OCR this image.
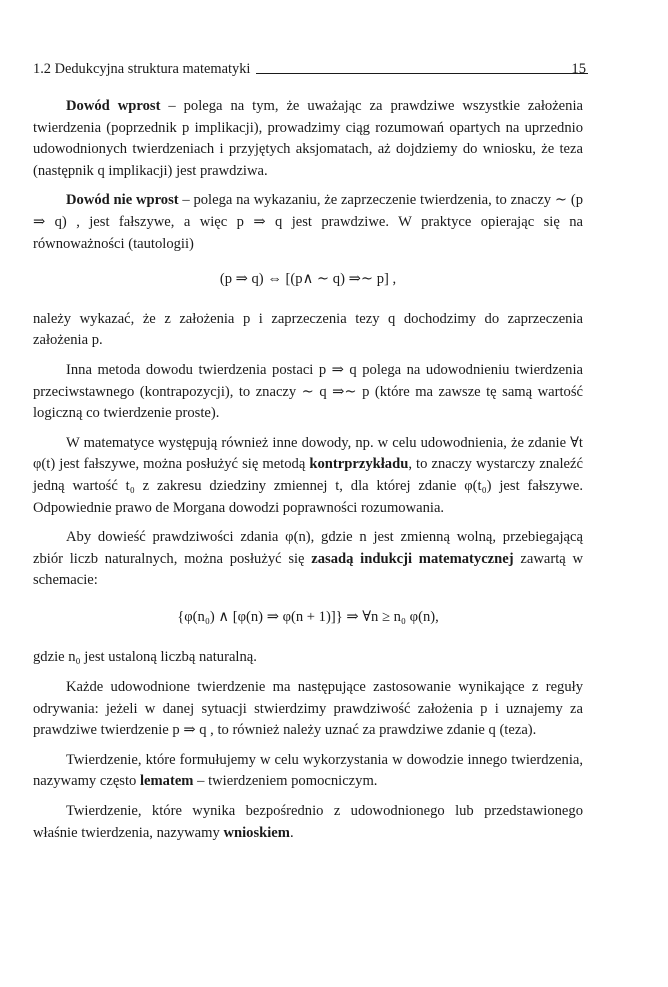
1.2 Dedukcyjna struktura matematyki	15

Dowód wprost – polega na tym, że uważając za prawdziwe wszystkie założenia twierdzenia (poprzednik p implikacji), prowadzimy ciąg rozumowań opartych na uprzednio udowodnionych twierdzeniach i przyjętych aksjomatach, aż dojdziemy do wniosku, że teza (następnik q implikacji) jest prawdziwa.

Dowód nie wprost – polega na wykazaniu, że zaprzeczenie twierdzenia, to znaczy ∼ (p ⇒ q) , jest fałszywe, a więc p ⇒ q jest prawdziwe. W praktyce opierając się na równoważności (tautologii)

(p ⇒ q) ⇔ [(p∧ ∼ q) ⇒∼ p] ,

należy wykazać, że z założenia p i zaprzeczenia tezy q dochodzimy do zaprzeczenia założenia p.

Inna metoda dowodu twierdzenia postaci p ⇒ q polega na udowodnieniu twierdzenia przeciwstawnego (kontrapozycji), to znaczy ∼ q ⇒∼ p (które ma zawsze tę samą wartość logiczną co twierdzenie proste).

W matematyce występują również inne dowody, np. w celu udowodnienia, że zdanie ∀t φ(t) jest fałszywe, można posłużyć się metodą kontrprzykładu, to znaczy wystarczy znaleźć jedną wartość t₀ z zakresu dziedziny zmiennej t, dla której zdanie φ(t₀) jest fałszywe. Odpowiednie prawo de Morgana dowodzi poprawności rozumowania.

Aby dowieść prawdziwości zdania φ(n), gdzie n jest zmienną wolną, przebiegającą zbiór liczb naturalnych, można posłużyć się zasadą indukcji matematycznej zawartą w schemacie:

{φ(n₀) ∧ [φ(n) ⇒ φ(n + 1)]} ⇒ ∀n ≥ n₀ φ(n),

gdzie n₀ jest ustaloną liczbą naturalną.

Każde udowodnione twierdzenie ma następujące zastosowanie wynikające z reguły odrywania: jeżeli w danej sytuacji stwierdzimy prawdziwość założenia p i uznajemy za prawdziwe twierdzenie p ⇒ q , to również należy uznać za prawdziwe zdanie q (teza).

Twierdzenie, które formułujemy w celu wykorzystania w dowodzie innego twierdzenia, nazywamy często lematem – twierdzeniem pomocniczym.

Twierdzenie, które wynika bezpośrednio z udowodnionego lub przedstawionego właśnie twierdzenia, nazywamy wnioskiem.
